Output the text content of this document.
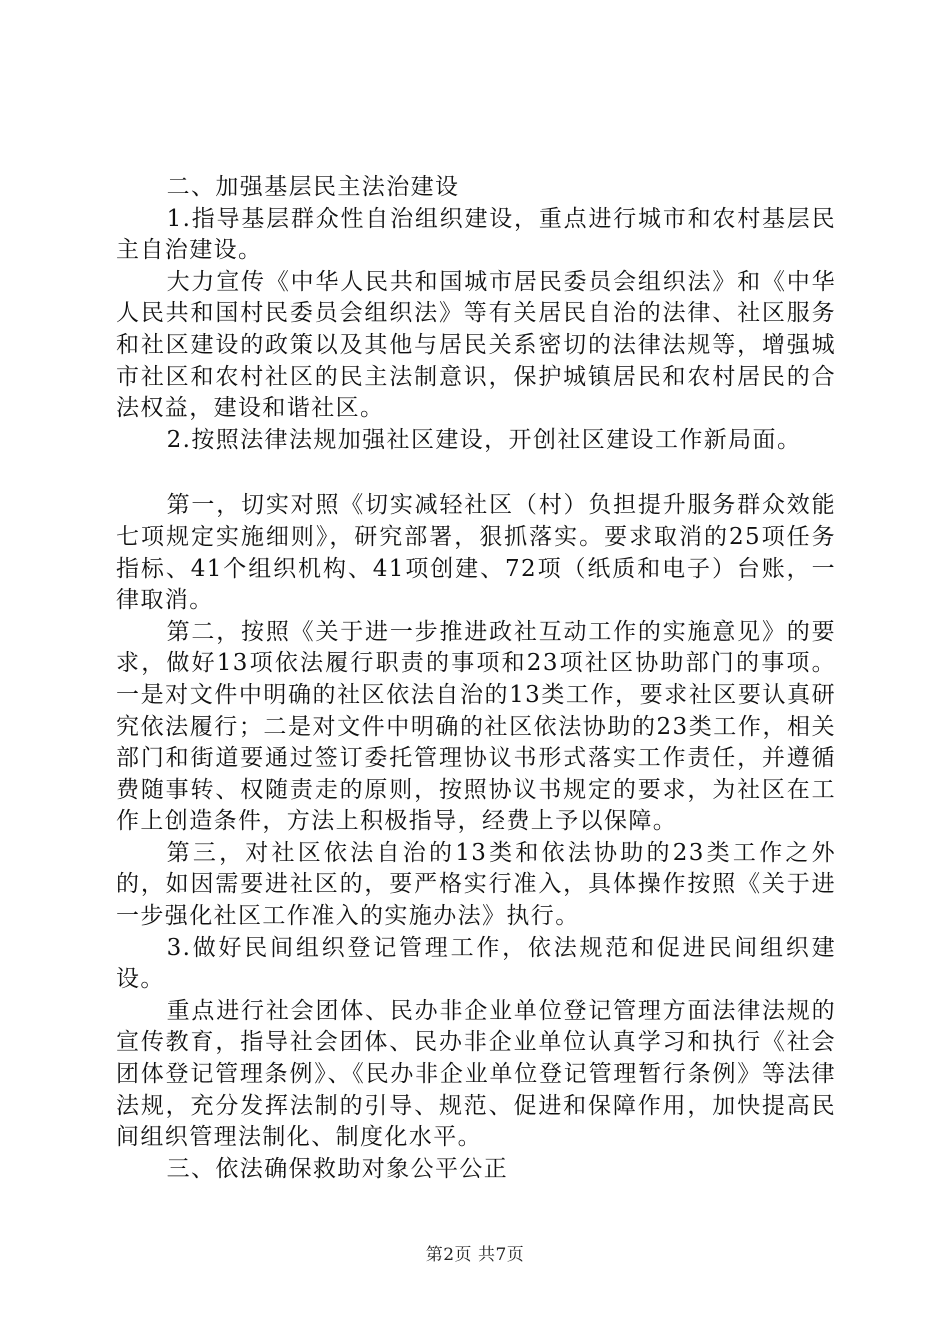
二、加强基层民主法治建设

1.指导基层群众性自治组织建设，重点进行城市和农村基层民主自治建设。

大力宣传《中华人民共和国城市居民委员会组织法》和《中华人民共和国村民委员会组织法》等有关居民自治的法律、社区服务和社区建设的政策以及其他与居民关系密切的法律法规等，增强城市社区和农村社区的民主法制意识，保护城镇居民和农村居民的合法权益，建设和谐社区。

2.按照法律法规加强社区建设，开创社区建设工作新局面。

第一，切实对照《切实减轻社区（村）负担提升服务群众效能七项规定实施细则》，研究部署，狠抓落实。要求取消的25项任务指标、41个组织机构、41项创建、72项（纸质和电子）台账，一律取消。

第二，按照《关于进一步推进政社互动工作的实施意见》的要求，做好13项依法履行职责的事项和23项社区协助部门的事项。一是对文件中明确的社区依法自治的13类工作，要求社区要认真研究依法履行；二是对文件中明确的社区依法协助的23类工作，相关部门和街道要通过签订委托管理协议书形式落实工作责任，并遵循费随事转、权随责走的原则，按照协议书规定的要求，为社区在工作上创造条件，方法上积极指导，经费上予以保障。

第三，对社区依法自治的13类和依法协助的23类工作之外的，如因需要进社区的，要严格实行准入，具体操作按照《关于进一步强化社区工作准入的实施办法》执行。

3.做好民间组织登记管理工作，依法规范和促进民间组织建设。

重点进行社会团体、民办非企业单位登记管理方面法律法规的宣传教育，指导社会团体、民办非企业单位认真学习和执行《社会团体登记管理条例》、《民办非企业单位登记管理暂行条例》等法律法规，充分发挥法制的引导、规范、促进和保障作用，加快提高民间组织管理法制化、制度化水平。

三、依法确保救助对象公平公正

第2页 共7页
